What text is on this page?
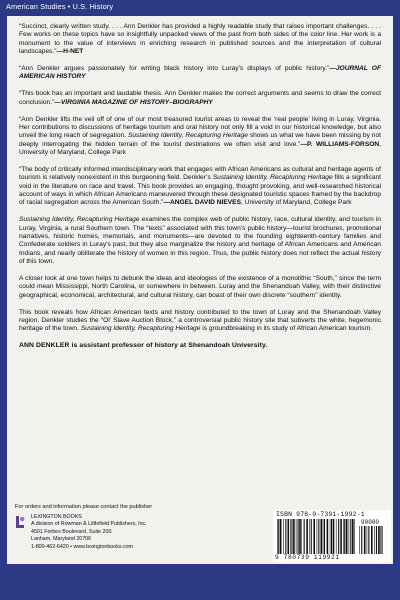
American Studies • U.S. History

“Succinct, clearly written study. . . . Ann Denkler has provided a highly readable study that raises important challenges. . . . Few works on these topics have so insightfully unpacked views of the past from both sides of the color line. Her work is a monument to the value of interviews in enriching research in published sources and the interpretation of cultural landscapes.”—H-NET

“Ann Denkler argues passionately for writing black history into Luray’s displays of public history.”—JOURNAL OF AMERICAN HISTORY

“This book has an important and laudable thesis. Ann Denkler makes the correct arguments and seems to draw the correct conclusion.”—VIRGINIA MAGAZINE OF HISTORY–BIOGRAPHY

“Ann Denkler lifts the veil off of one of our most treasured tourist areas to reveal the ‘real people’ living in Luray, Virginia. Her contributions to discussions of heritage tourism and oral history not only fill a void in our historical knowledge, but also unveil the long reach of segregation. Sustaining Identity, Recapturing Heritage shows us what we have been missing by not deeply interrogating the hidden terrain of the tourist destinations we often visit and love.”—P. WILLIAMS-FORSON, University of Maryland, College Park

“The body of critically informed interdisciplinary work that engages with African Americans as cultural and heritage agents of tourism is relatively nonexistent in this burgeoning field. Denkler’s Sustaining Identity, Recapturing Heritage fills a significant void in the literature on race and travel. This book provides an engaging, thought provoking, and well-researched historical account of ways in which African Americans maneuvered through these designated touristic spaces framed by the backdrop of racial segregation across the American South.”—ANGEL DAVID NIEVES, University of Maryland, College Park

Sustaining Identity, Recapturing Heritage examines the complex web of public history, race, cultural identity, and tourism in Luray, Virginia, a rural Southern town. The “texts” associated with this town’s public history—tourist brochures, promotional narratives, historic homes, memorials, and monuments—are devoted to the founding eighteenth-century families and Confederate soldiers in Luray’s past, but they also marginalize the history and heritage of African Americans and American Indians, and nearly obliterate the history of women in this region. Thus, the public history does not reflect the actual history of this town.

A closer look at one town helps to debunk the ideas and ideologies of the existence of a monolithic “South,” since the term could mean Mississippi, North Carolina, or somewhere in between. Luray and the Shenandoah Valley, with their distinctive geographical, economical, architectural, and cultural history, can boast of their own discrete “southern” identity.

This book reveals how African American texts and history contributed to the town of Luray and the Shenandoah Valley region. Denkler studies the “Ol’ Slave Auction Block,” a controversial public history site that subverts the white, hegemonic heritage of the town. Sustaining Identity, Recapturing Heritage is groundbreaking in its study of African American tourism.

ANN DENKLER is assistant professor of history at Shenandoah University.

For orders and information please contact the publisher
LEXINGTON BOOKS
A division of Rowman & Littlefield Publishers, Inc.
4501 Forbes Boulevard, Suite 200
Lanham, Maryland 20706
1-800-462-6420 • www.lexingtonbooks.com
ISBN 978-0-7391-1992-1
90000
9 780739 119921
